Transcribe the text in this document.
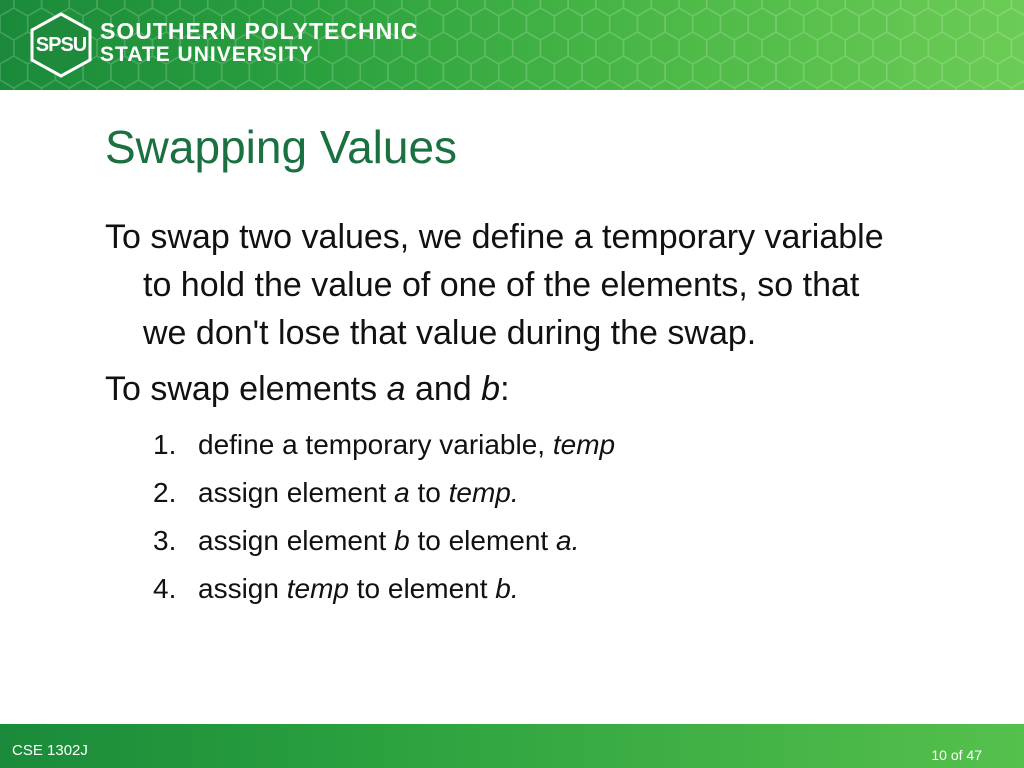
SPSU
SOUTHERN POLYTECHNIC
STATE UNIVERSITY
Swapping Values

To swap two values, we define a temporary variable to hold the value of one of the elements, so that we don't lose that value during the swap.

To swap elements a and b:

1. define a temporary variable, temp
2. assign element a to temp.
3. assign element b to element a.
4. assign temp to element b.
CSE 1302J	10 of 47
